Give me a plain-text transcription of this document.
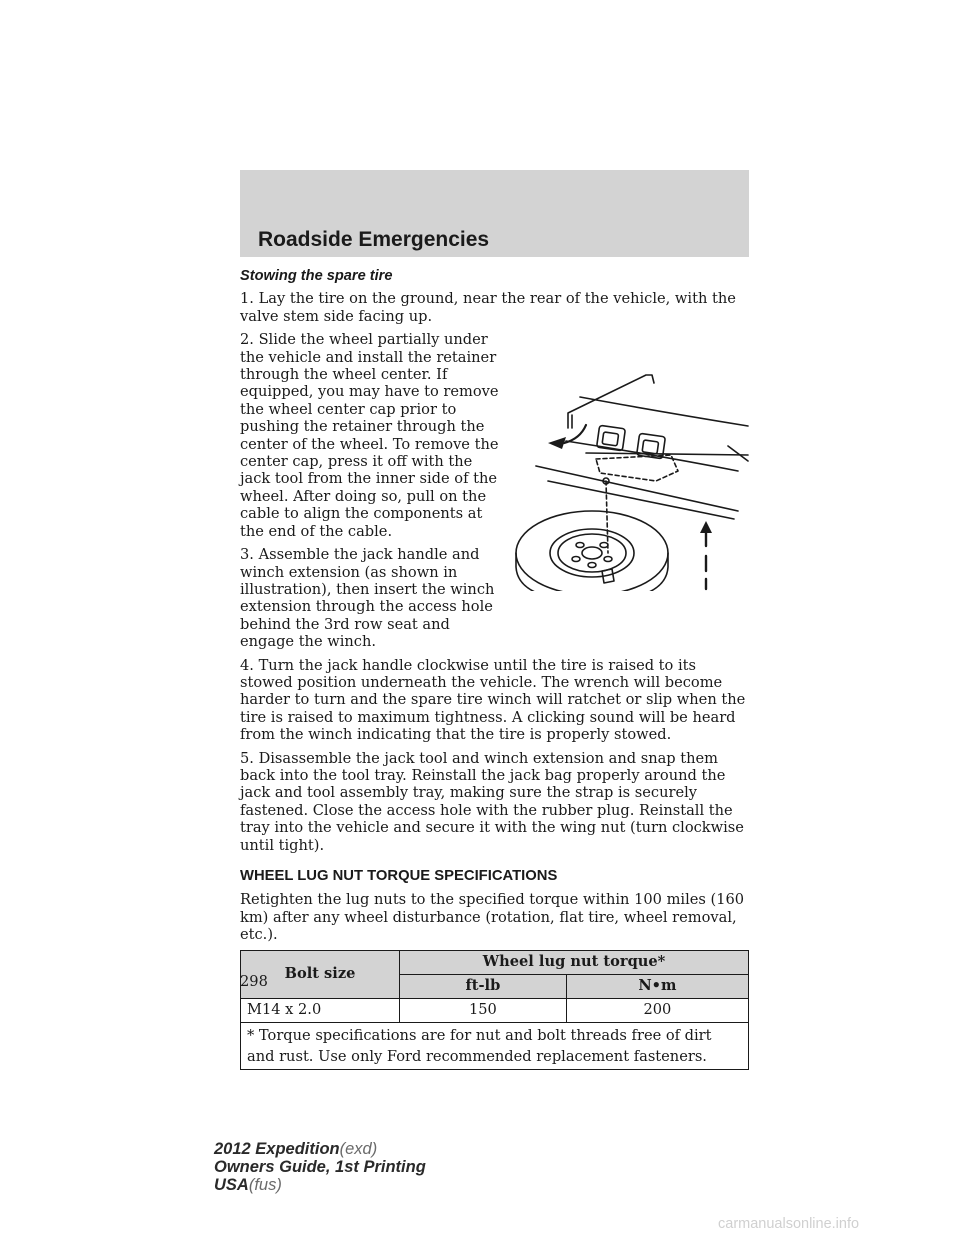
Roadside Emergencies

Stowing the spare tire

1. Lay the tire on the ground, near the rear of the vehicle, with the valve stem side facing up.

2. Slide the wheel partially under the vehicle and install the retainer through the wheel center. If equipped, you may have to remove the wheel center cap prior to pushing the retainer through the center of the wheel. To remove the center cap, press it off with the jack tool from the inner side of the wheel. After doing so, pull on the cable to align the components at the end of the cable.

3. Assemble the jack handle and winch extension (as shown in illustration), then insert the winch extension through the access hole behind the 3rd row seat and engage the winch.

4. Turn the jack handle clockwise until the tire is raised to its stowed position underneath the vehicle. The wrench will become harder to turn and the spare tire winch will ratchet or slip when the tire is raised to maximum tightness. A clicking sound will be heard from the winch indicating that the tire is properly stowed.

5. Disassemble the jack tool and winch extension and snap them back into the tool tray. Reinstall the jack bag properly around the jack and tool assembly tray, making sure the strap is securely fastened. Close the access hole with the rubber plug. Reinstall the tray into the vehicle and secure it with the wing nut (turn clockwise until tight).

WHEEL LUG NUT TORQUE SPECIFICATIONS

Retighten the lug nuts to the specified torque within 100 miles (160 km) after any wheel disturbance (rotation, flat tire, wheel removal, etc.).

Bolt size	Wheel lug nut torque*	
	ft-lb	N•m
M14 x 2.0	150	200
* Torque specifications are for nut and bolt threads free of dirt and rust. Use only Ford recommended replacement fasteners.		
298
2012 Expedition(exd)
Owners Guide, 1st Printing
USA(fus)
carmanualsonline.info
